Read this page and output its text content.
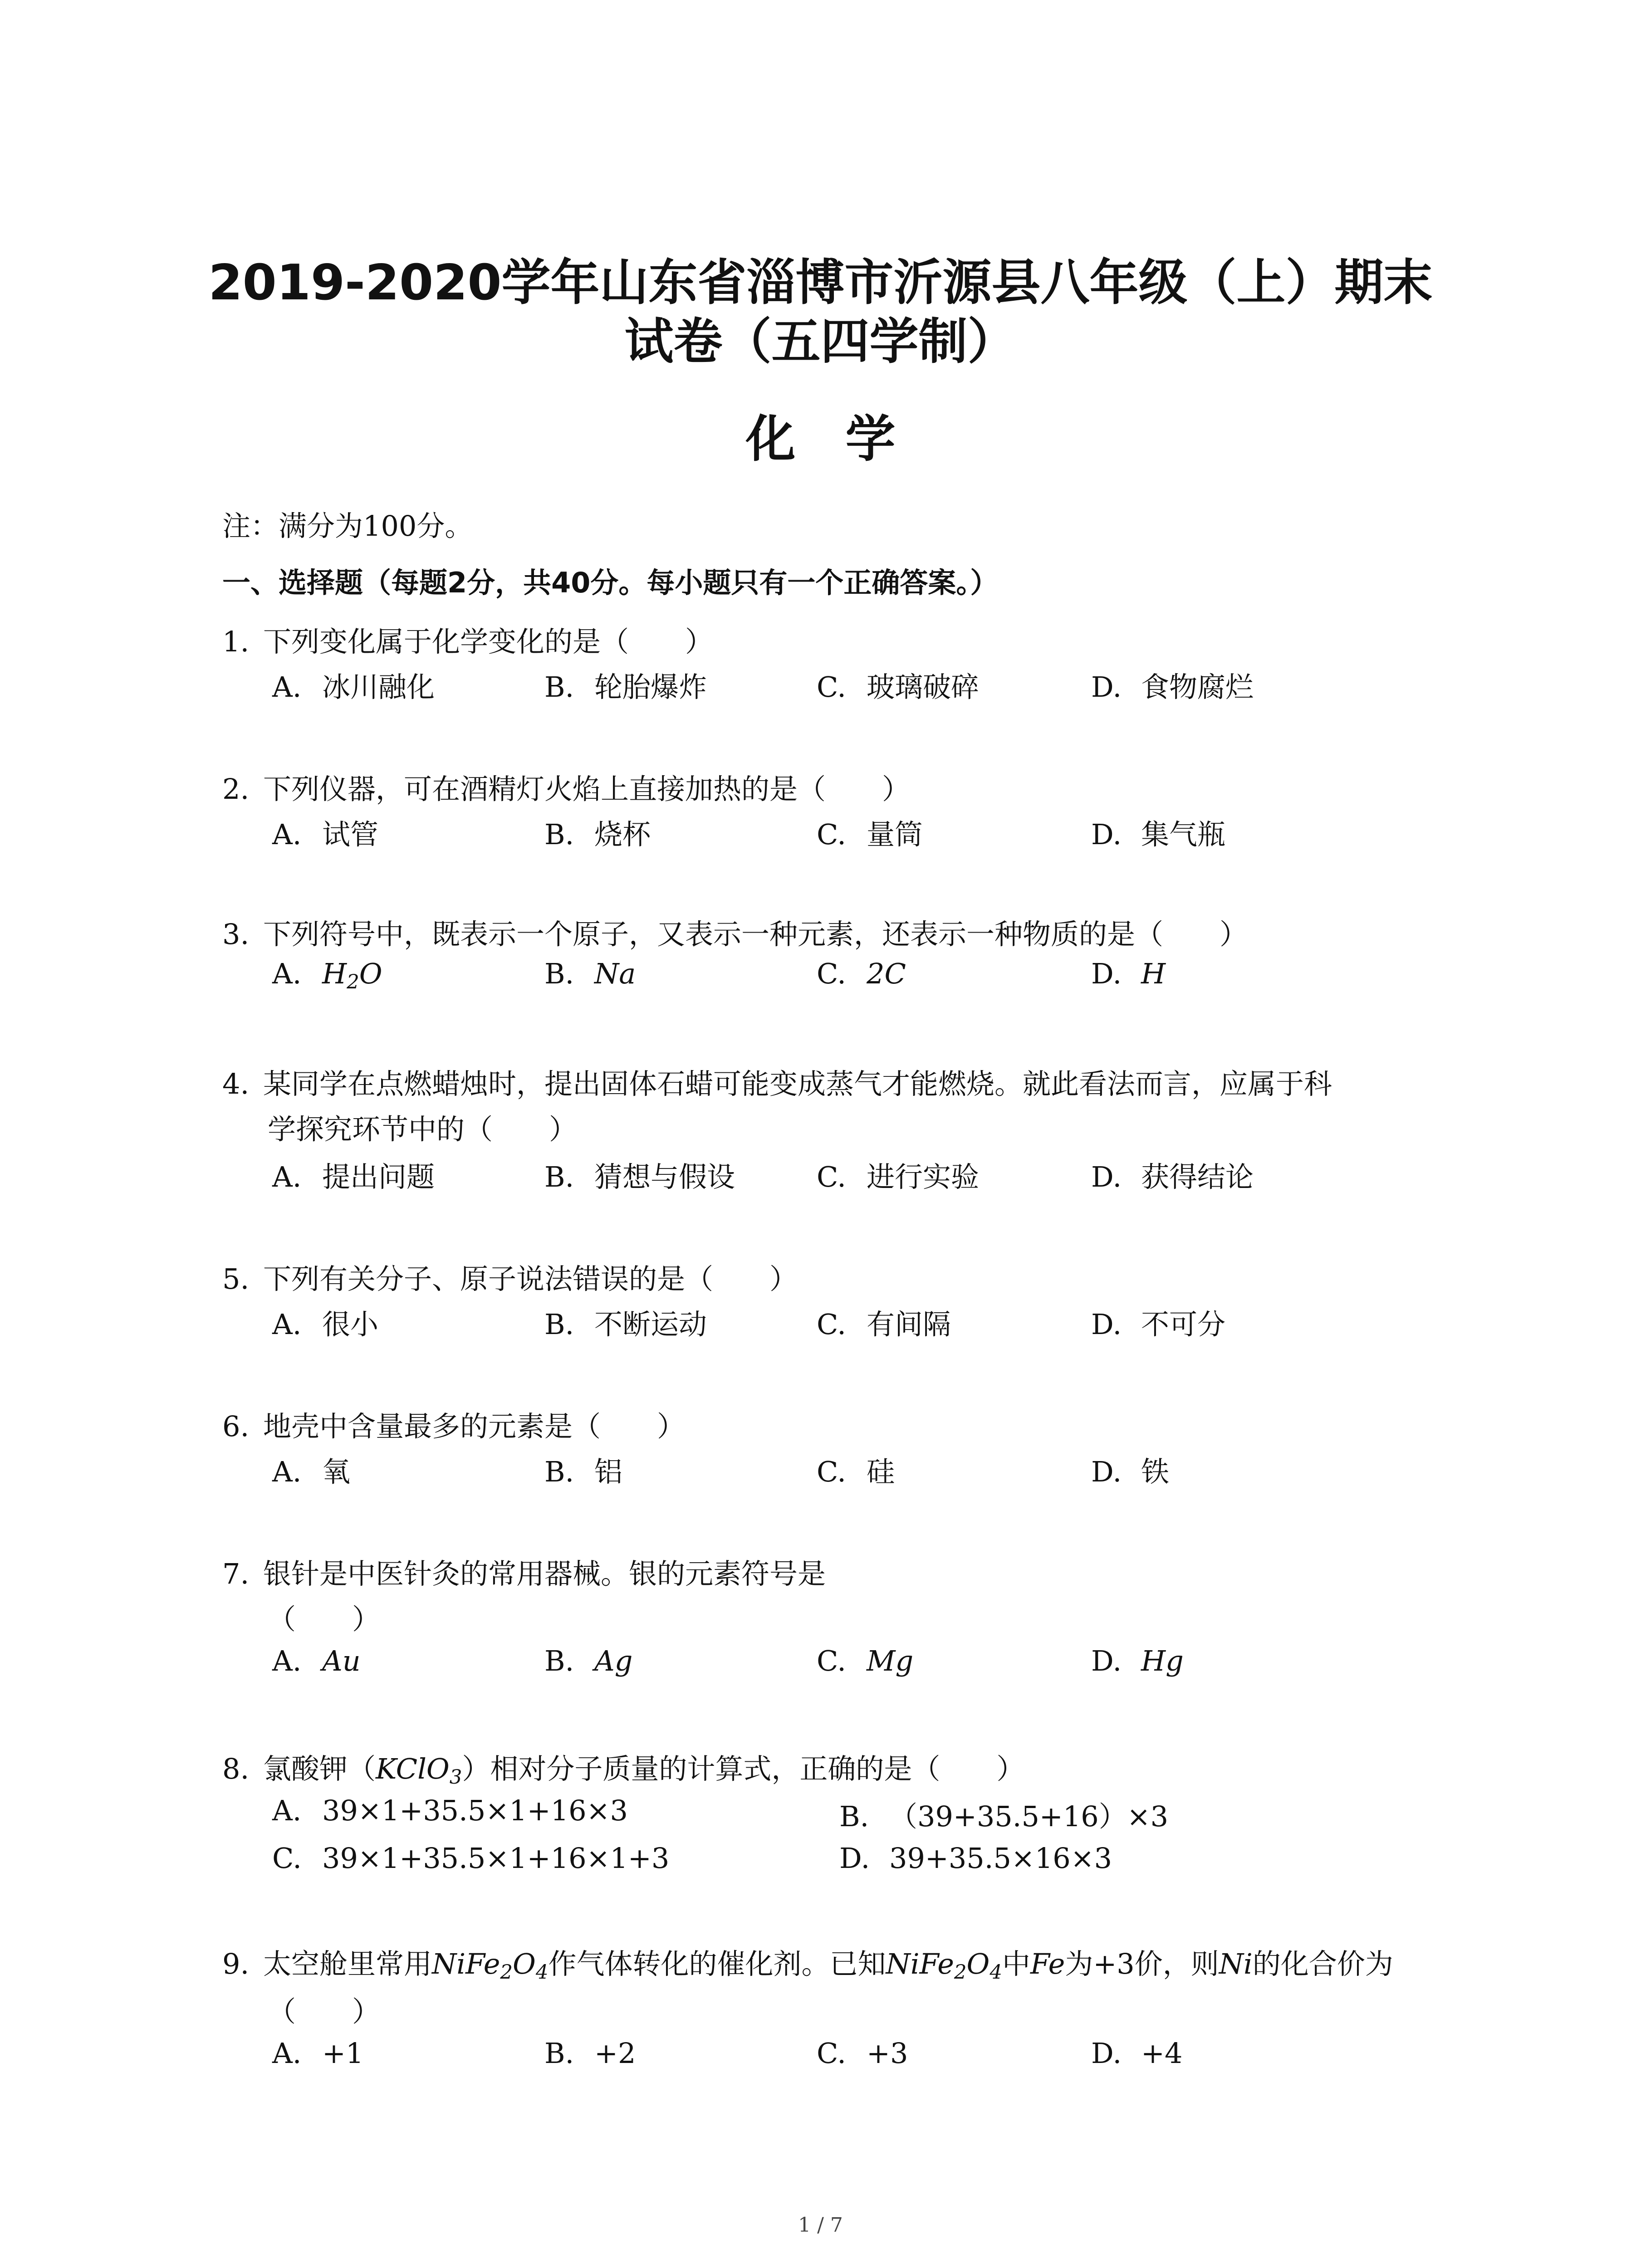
2019-2020学年山东省淄博市沂源县八年级（上）期末
试卷（五四学制）
化学
注：满分为100分。
一、选择题（每题2分，共40分。每小题只有一个正确答案。）
1. 下列变化属于化学变化的是（　　）
A. 冰川融化	B. 轮胎爆炸	C. 玻璃破碎	D. 食物腐烂
2. 下列仪器，可在酒精灯火焰上直接加热的是（　　）
A. 试管	B. 烧杯	C. 量筒	D. 集气瓶
3. 下列符号中，既表示一个原子，又表示一种元素，还表示一种物质的是（　　）
A. $H_2O$	B. Na	C. 2C	D. H
4. 某同学在点燃蜡烛时，提出固体石蜡可能变成蒸气才能燃烧。就此看法而言，应属于科
学探究环节中的（　　）
A. 提出问题	B. 猜想与假设	C. 进行实验	D. 获得结论
5. 下列有关分子、原子说法错误的是（　　）
A. 很小	B. 不断运动	C. 有间隔	D. 不可分
6. 地壳中含量最多的元素是（　　）
A. 氧	B. 铝	C. 硅	D. 铁
7. 银针是中医针灸的常用器械。银的元素符号是
（　　）
A. Au	B. Ag	C. Mg	D. Hg
8. 氯酸钾（KClO$_3$）相对分子质量的计算式，正确的是（　　）
A. 39×1+35.5×1+16×3	B. （39+35.5+16）×3
C. 39×1+35.5×1+16×1+3	D. 39+35.5×16×3
9. 太空舱里常用$NiFe_2O_4$作气体转化的催化剂。已知$NiFe_2O_4$中Fe为+3价，则Ni的化合价为
（　　）
A. +1	B. +2	C. +3	D. +4
1 / 7
